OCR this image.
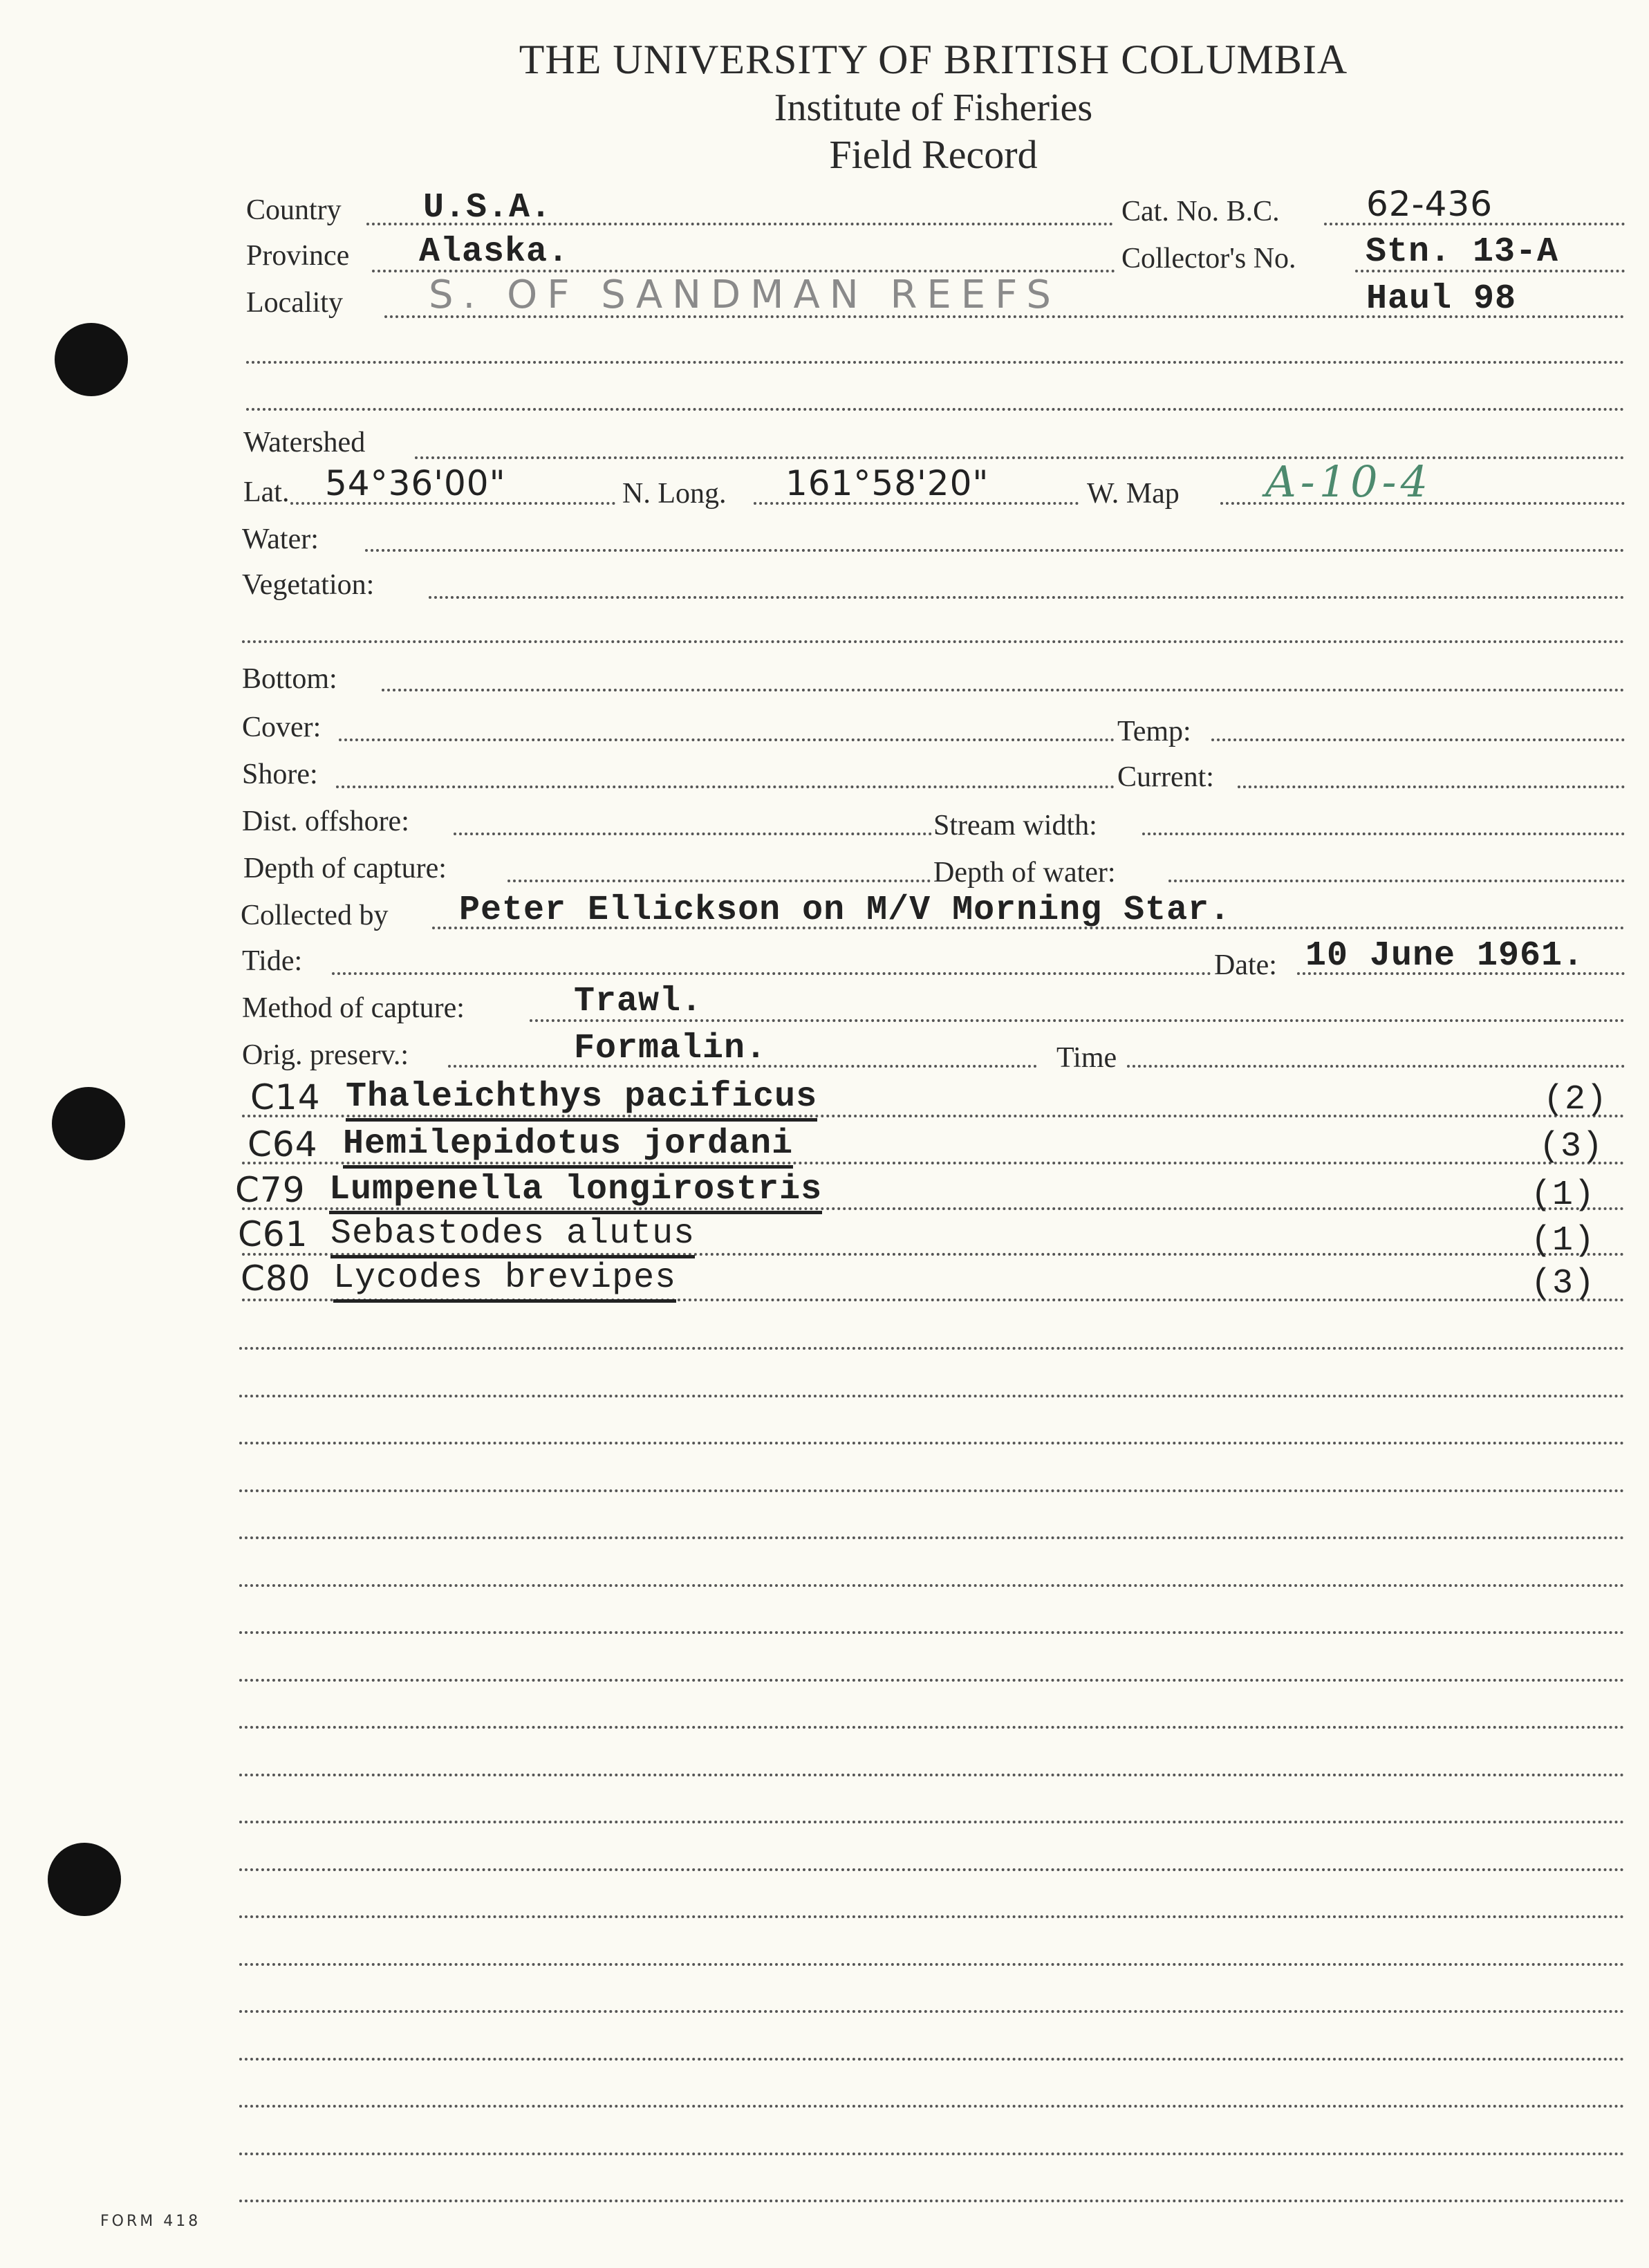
THE UNIVERSITY OF BRITISH COLUMBIA
Institute of Fisheries
Field Record
Country U.S.A.	Cat. No. B.C.	62-436
Province Alaska.	Collector's No. Stn. 13-A
Locality S. OF SANDMAN REEFS	Haul 98
Watershed
Lat. 54°36'00"	N. Long. 161°58'20"	W. Map A-10-4
Water:
Vegetation:
Bottom:
Cover:	Temp:
Shore:	Current:
Dist. offshore:	Stream width:
Depth of capture:	Depth of water:
Collected by Peter Ellickson on M/V Morning Star.
Tide:	Date: 10 June 1961.
Method of capture:	Trawl.
Orig. preserv.:	Formalin.	Time
C14 Thaleichthys pacificus	(2)
C64 Hemilepidotus jordani	(3)
C79 Lumpenella longirostris	(1)
C61 Sebastodes alutus	(1)
C80 Lycodes brevipes	(3)
FORM 418
